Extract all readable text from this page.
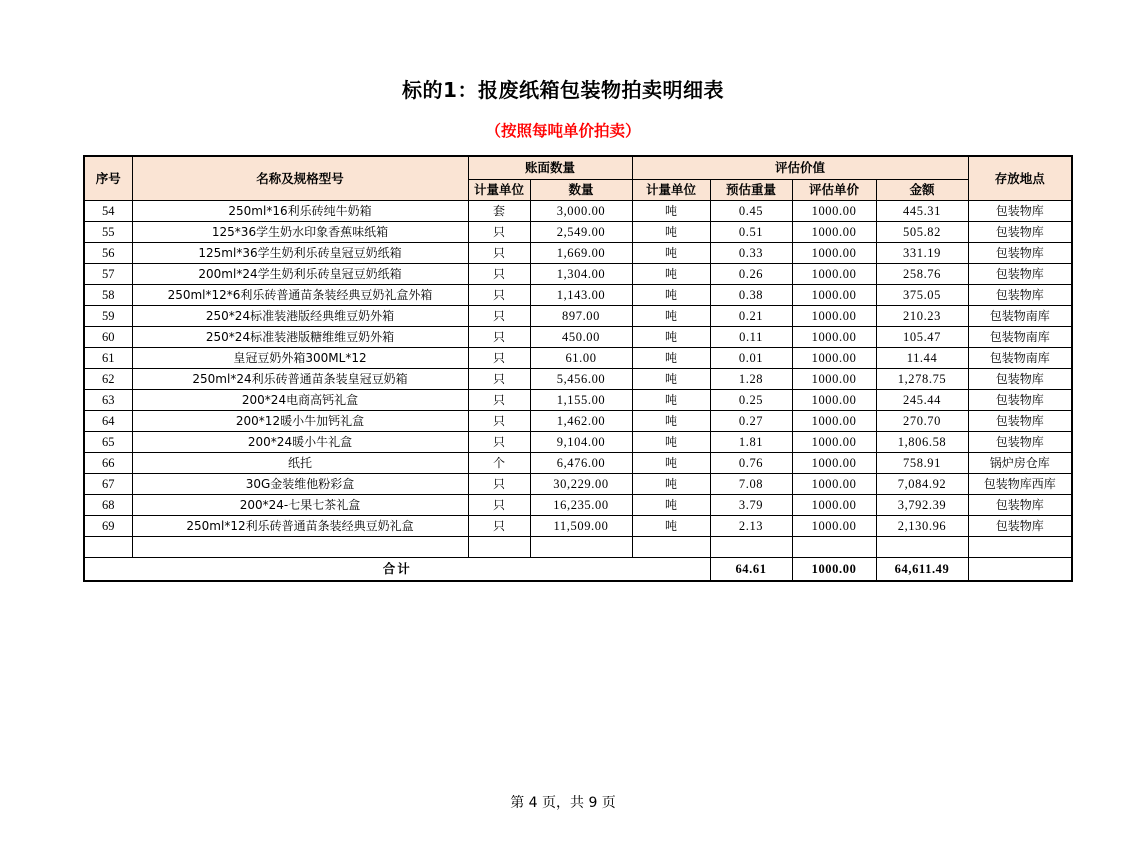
标的1：报废纸箱包装物拍卖明细表
（按照每吨单价拍卖）
序号	名称及规格型号	账面数量		评估价值				存放地点
		计量单位	数量	计量单位	预估重量	评估单价	金额	
54	250ml*16利乐砖纯牛奶箱	套	3,000.00	吨	0.45	1000.00	445.31	包装物库
55	125*36学生奶水印象香蕉味纸箱	只	2,549.00	吨	0.51	1000.00	505.82	包装物库
56	125ml*36学生奶利乐砖皇冠豆奶纸箱	只	1,669.00	吨	0.33	1000.00	331.19	包装物库
57	200ml*24学生奶利乐砖皇冠豆奶纸箱	只	1,304.00	吨	0.26	1000.00	258.76	包装物库
58	250ml*12*6利乐砖普通苗条装经典豆奶礼盒外箱	只	1,143.00	吨	0.38	1000.00	375.05	包装物库
59	250*24标准装港版经典维豆奶外箱	只	897.00	吨	0.21	1000.00	210.23	包装物南库
60	250*24标准装港版糖维维豆奶外箱	只	450.00	吨	0.11	1000.00	105.47	包装物南库
61	皇冠豆奶外箱300ML*12	只	61.00	吨	0.01	1000.00	11.44	包装物南库
62	250ml*24利乐砖普通苗条装皇冠豆奶箱	只	5,456.00	吨	1.28	1000.00	1,278.75	包装物库
63	200*24电商高钙礼盒	只	1,155.00	吨	0.25	1000.00	245.44	包装物库
64	200*12暖小牛加钙礼盒	只	1,462.00	吨	0.27	1000.00	270.70	包装物库
65	200*24暖小牛礼盒	只	9,104.00	吨	1.81	1000.00	1,806.58	包装物库
66	纸托	个	6,476.00	吨	0.76	1000.00	758.91	锅炉房仓库
67	30G金装维他粉彩盒	只	30,229.00	吨	7.08	1000.00	7,084.92	包装物库西库
68	200*24-七果七茶礼盒	只	16,235.00	吨	3.79	1000.00	3,792.39	包装物库
69	250ml*12利乐砖普通苗条装经典豆奶礼盒	只	11,509.00	吨	2.13	1000.00	2,130.96	包装物库

合计					64.61	1000.00	64,611.49	
第 4 页，共 9 页
